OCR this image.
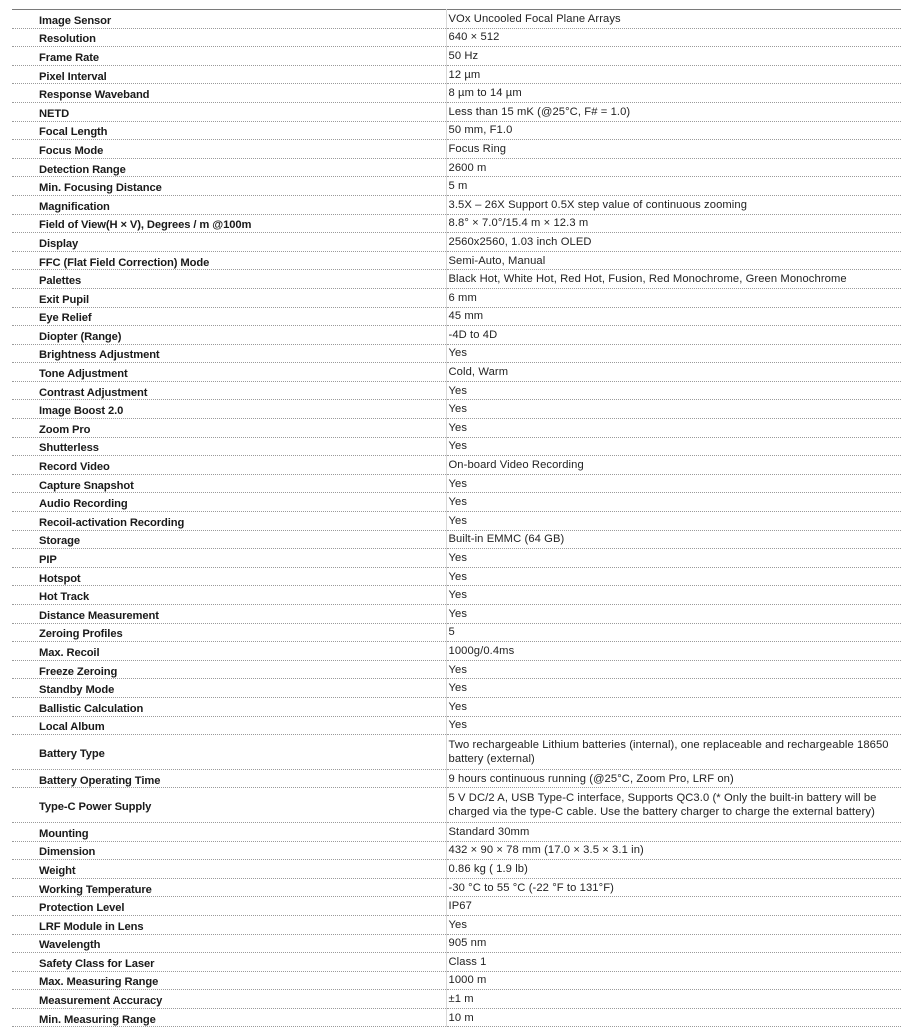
Image Sensor	VOx Uncooled Focal Plane Arrays
Resolution	640 × 512
Frame Rate	50 Hz
Pixel Interval	12 µm
Response Waveband	8 µm to 14 µm
NETD	Less than 15 mK (@25°C, F# = 1.0)
Focal Length	50 mm, F1.0
Focus Mode	Focus Ring
Detection Range	2600 m
Min. Focusing Distance	5 m
Magnification	3.5X – 26X Support 0.5X step value of continuous zooming
Field of View(H × V), Degrees / m @100m	8.8° × 7.0°/15.4 m × 12.3 m
Display	2560x2560, 1.03 inch OLED
FFC (Flat Field Correction) Mode	Semi-Auto, Manual
Palettes	Black Hot, White Hot, Red Hot, Fusion, Red Monochrome, Green Monochrome
Exit Pupil	6 mm
Eye Relief	45 mm
Diopter (Range)	-4D to 4D
Brightness Adjustment	Yes
Tone Adjustment	Cold, Warm
Contrast Adjustment	Yes
Image Boost 2.0	Yes
Zoom Pro	Yes
Shutterless	Yes
Record Video	On-board Video Recording
Capture Snapshot	Yes
Audio Recording	Yes
Recoil-activation Recording	Yes
Storage	Built-in EMMC (64 GB)
PIP	Yes
Hotspot	Yes
Hot Track	Yes
Distance Measurement	Yes
Zeroing Profiles	5
Max. Recoil	1000g/0.4ms
Freeze Zeroing	Yes
Standby Mode	Yes
Ballistic Calculation	Yes
Local Album	Yes
Battery Type	Two rechargeable Lithium batteries (internal), one replaceable and rechargeable 18650 battery (external)
Battery Operating Time	9 hours continuous running (@25°C, Zoom Pro, LRF on)
Type-C Power Supply	5 V DC/2 A, USB Type-C interface, Supports QC3.0 (* Only the built-in battery will be charged via the type-C cable. Use the battery charger to charge the external battery)
Mounting	Standard 30mm
Dimension	432 × 90 × 78 mm (17.0 × 3.5 × 3.1 in)
Weight	0.86 kg ( 1.9 lb)
Working Temperature	-30 °C to 55 °C (-22 °F to 131°F)
Protection Level	IP67
LRF Module in Lens	Yes
Wavelength	905 nm
Safety Class for Laser	Class 1
Max. Measuring Range	1000 m
Measurement Accuracy	±1 m
Min. Measuring Range	10 m
